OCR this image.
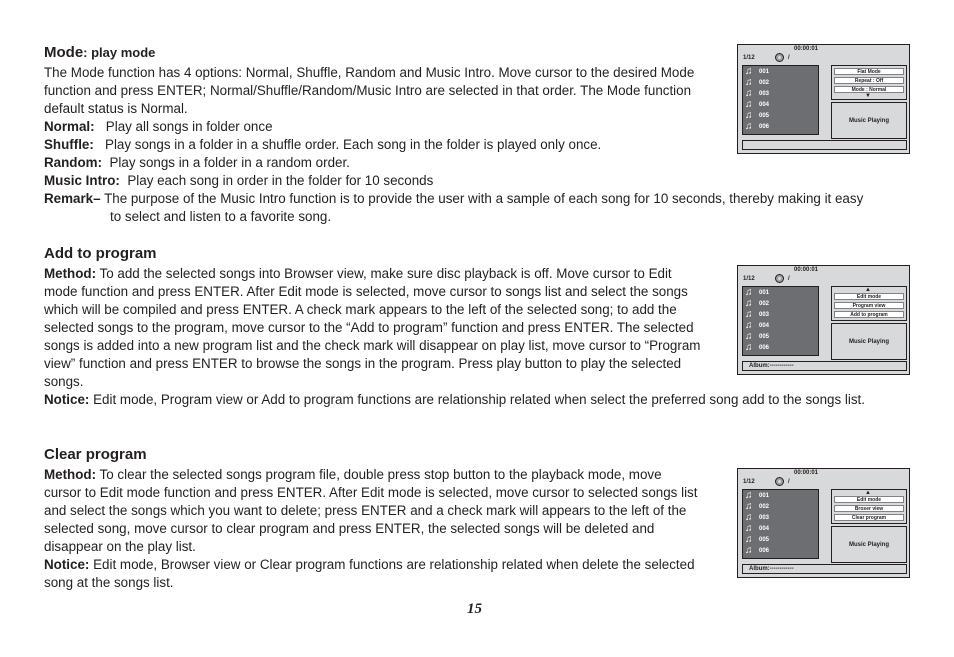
Mode: play mode
The Mode function has 4 options: Normal, Shuffle, Random and Music Intro. Move cursor to the desired Mode
function and press ENTER; Normal/Shuffle/Random/Music Intro are selected in that order. The Mode function
default status is Normal.
Normal: Play all songs in folder once
Shuffle: Play songs in a folder in a shuffle order. Each song in the folder is played only once.
Random: Play songs in a folder in a random order.
Music Intro: Play each song in order in the folder for 10 seconds
Remark– The purpose of the Music Intro function is to provide the user with a sample of each song for 10 seconds, thereby making it easy
to select and listen to a favorite song.
Add to program
Method: To add the selected songs into Browser view, make sure disc playback is off. Move cursor to Edit
mode function and press ENTER. After Edit mode is selected, move cursor to songs list and select the songs
which will be compiled and press ENTER. A check mark appears to the left of the selected song; to add the
selected songs to the program, move cursor to the “Add to program” function and press ENTER. The selected
songs is added into a new program list and the check mark will disappear on play list, move cursor to “Program
view” function and press ENTER to browse the songs in the program. Press play button to play the selected
songs.
Notice: Edit mode, Program view or Add to program functions are relationship related when select the preferred song add to the songs list.
Clear program
Method: To clear the selected songs program file, double press stop button to the playback mode, move
cursor to Edit mode function and press ENTER. After Edit mode is selected, move cursor to selected songs list
and select the songs which you want to delete; press ENTER and a check mark will appears to the left of the
selected song, move cursor to clear program and press ENTER, the selected songs will be deleted and
disappear on the play list.
Notice: Edit mode, Browser view or Clear program functions are relationship related when delete the selected
song at the songs list.
15
00:00:01
1/12	/
♫	001
♫	002
♫	003
♫	004
♫	005
♫	006
Flat Mode
Repeat : Off
Mode : Normal
▼
Music Playing
00:00:01
1/12	/
♫	001
♫	002
♫	003
♫	004
♫	005
♫	006
▲
Edit mode
Program view
Add to program
Music Playing
Album:------------
00:00:01
1/12	/
♫	001
♫	002
♫	003
♫	004
♫	005
♫	006
▲
Edit mode
Broser view
Clear program
Music Playing
Album:------------
